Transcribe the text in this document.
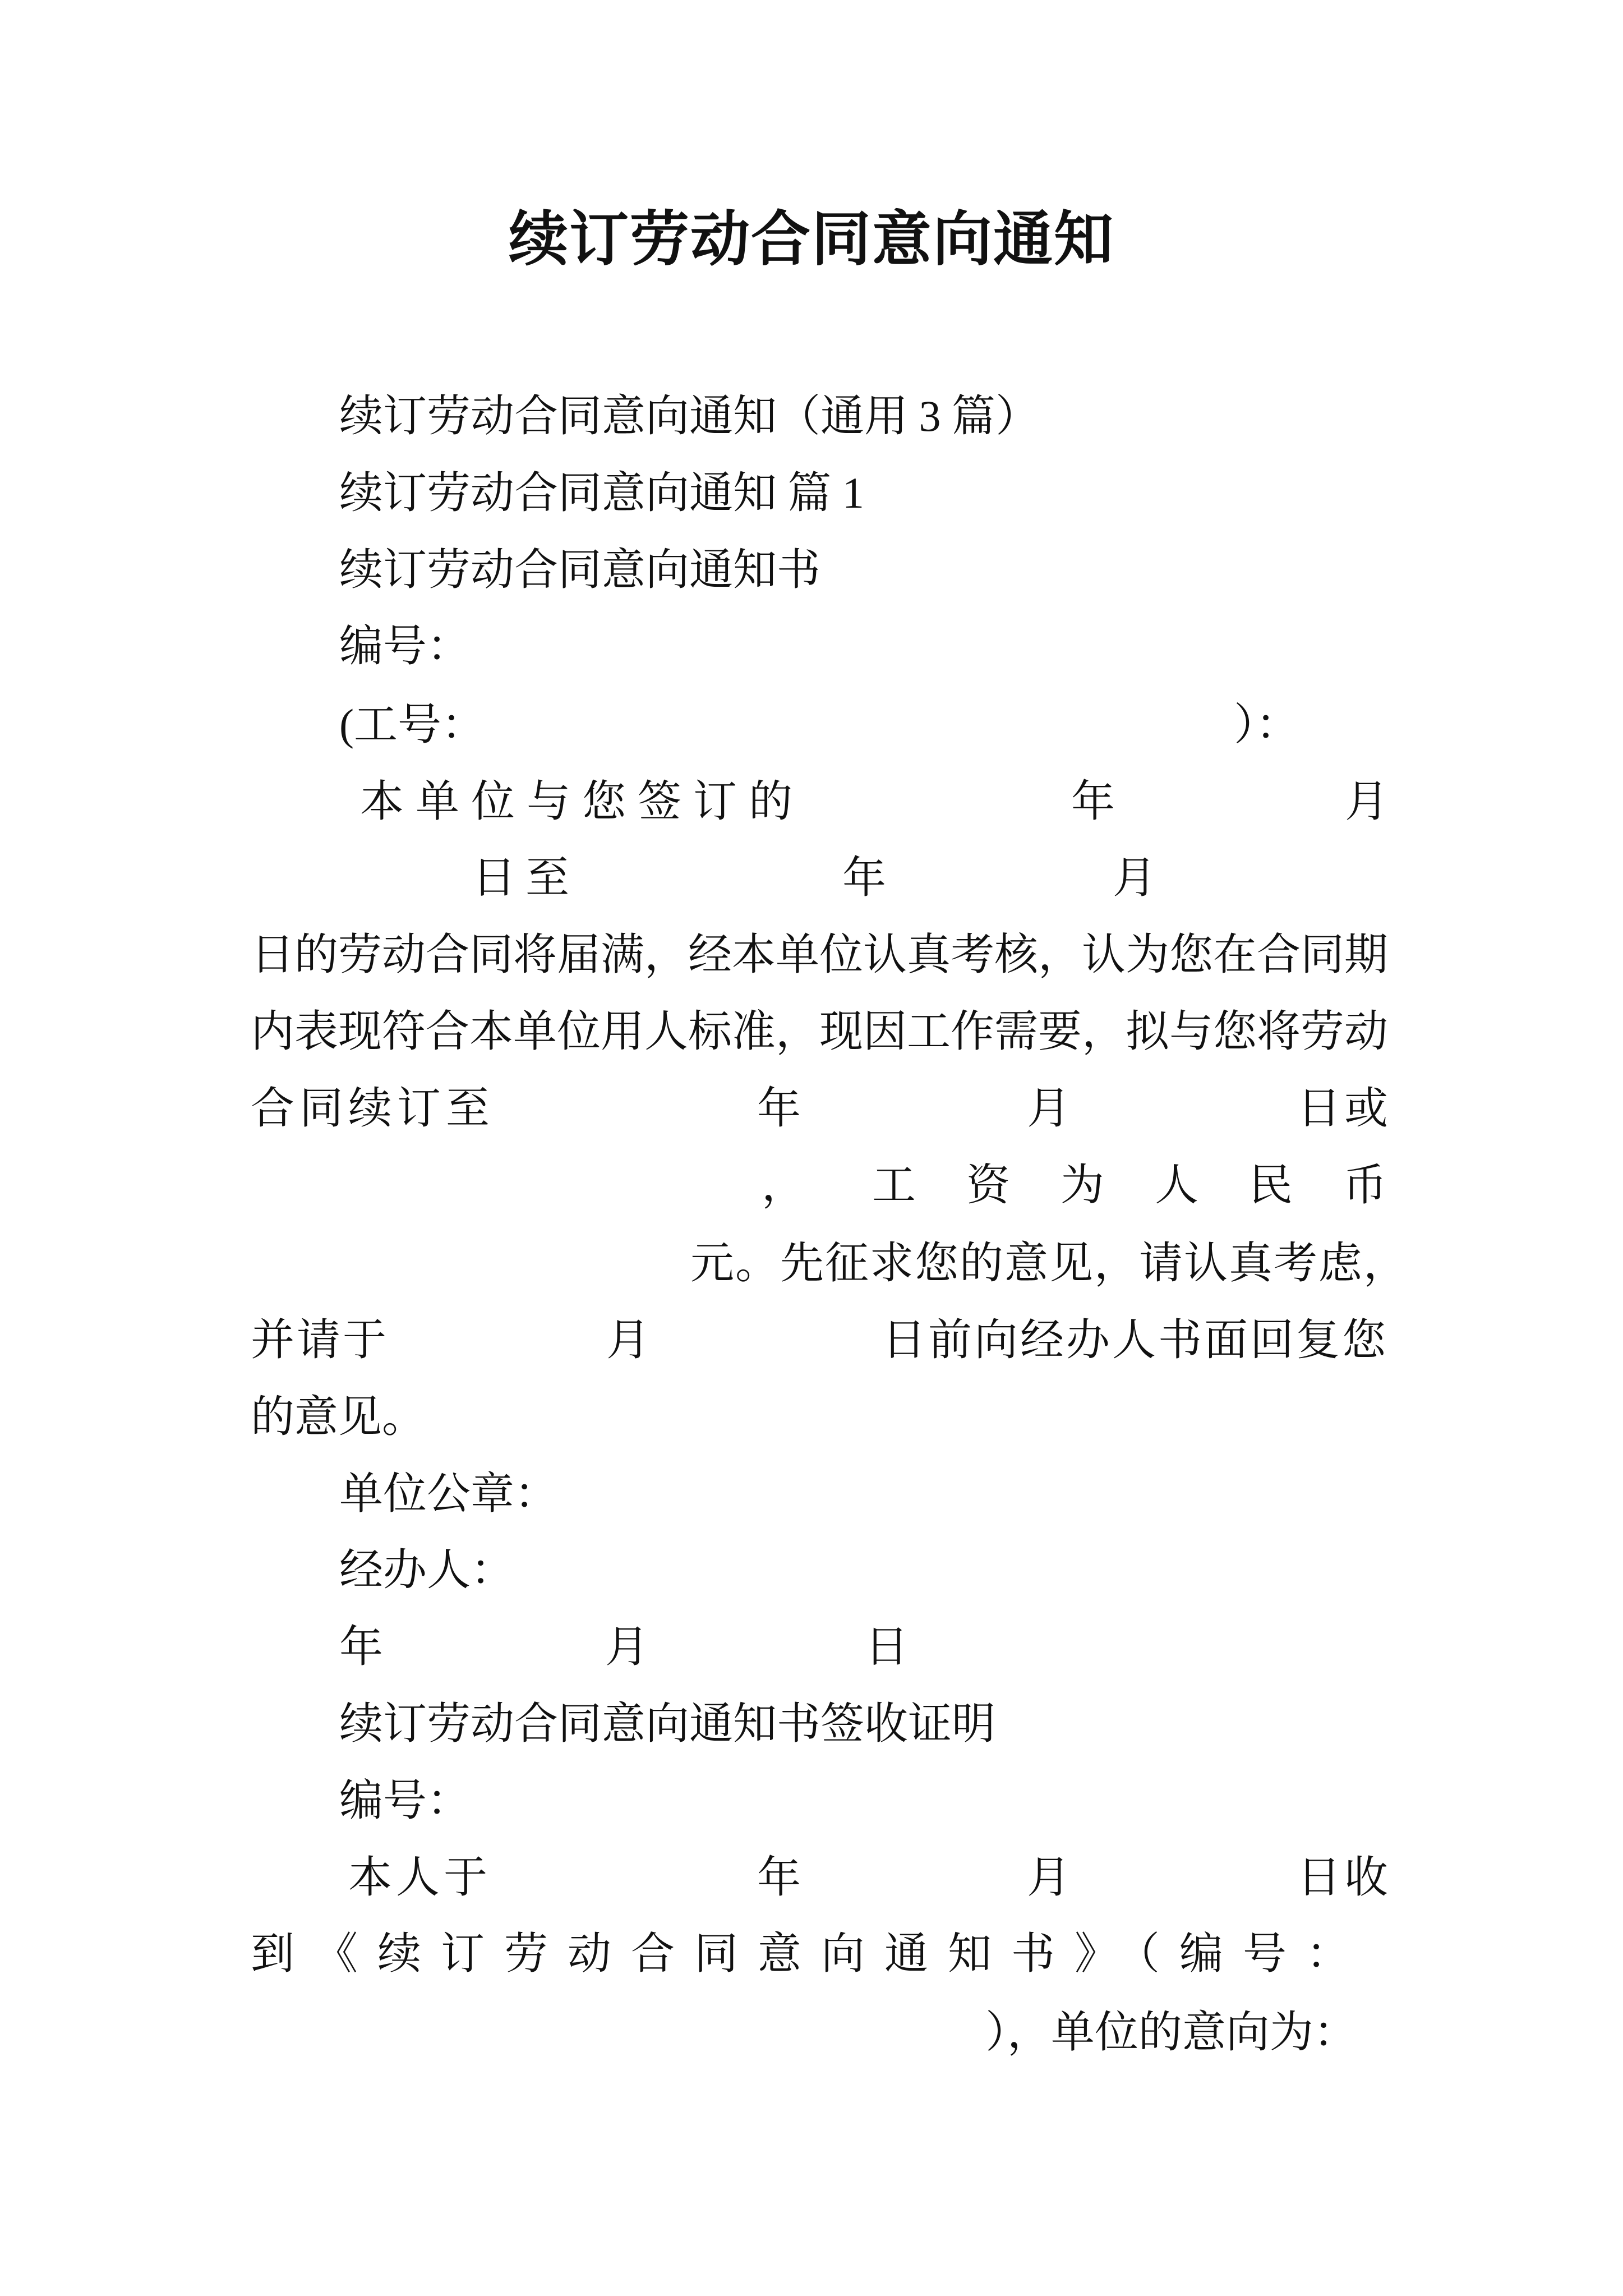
续订劳动合同意向通知
续订劳动合同意向通知（通用 3 篇）
续订劳动合同意向通知 篇 1
续订劳动合同意向通知书
编号：
(工号：	）：
本单位与您签订的	年	月
日至	年	月
日的劳动合同将届满，经本单位认真考核，认为您在合同期
内表现符合本单位用人标准，现因工作需要，拟与您将劳动
合同续订至	年	月	日或
， 工资为人民币
元。先征求您的意见，请认真考虑，
并请于	月	日前向经办人书面回复您
的意见。
单位公章：
经办人：
年	月	日
续订劳动合同意向通知书签收证明
编号：
本人于	年	月	日收
到《续订劳动合同意向通知书》（编号：
），单位的意向为：
